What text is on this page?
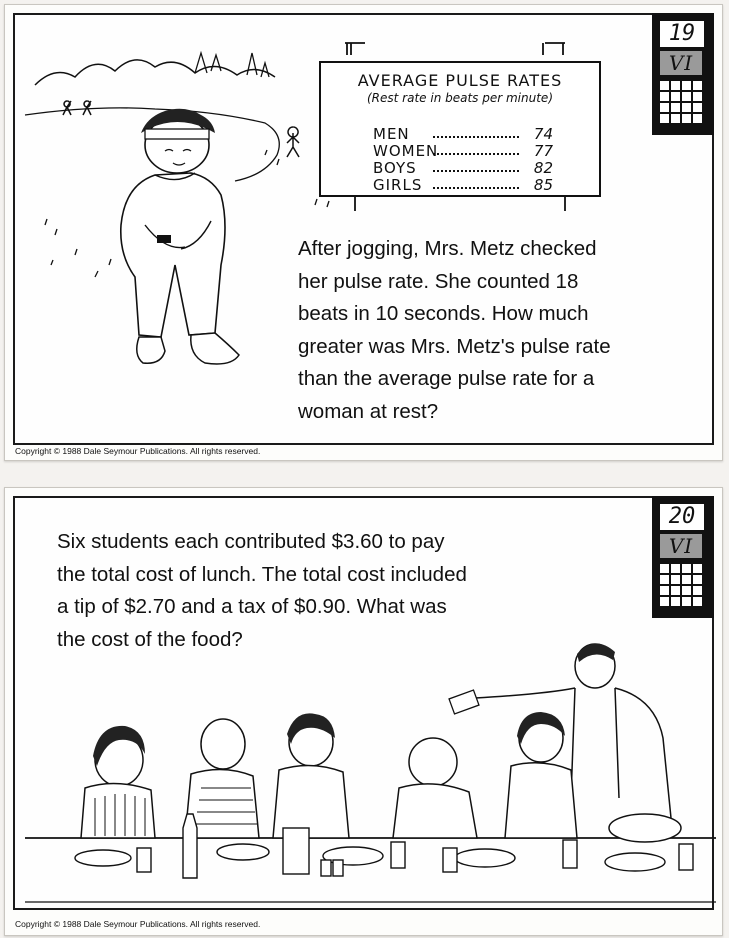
AVERAGE PULSE RATES
(Rest rate in beats per minute)
MEN	74
WOMEN	77
BOYS	82
GIRLS	85
After jogging, Mrs. Metz checked
her pulse rate. She counted 18
beats in 10 seconds. How much
greater was Mrs. Metz's pulse rate
than the average pulse rate for a
woman at rest?
19
VI
Copyright © 1988 Dale Seymour Publications. All rights reserved.
Six students each contributed $3.60 to pay
the total cost of lunch. The total cost included
a tip of $2.70 and a tax of $0.90. What was
the cost of the food?
20
VI
Copyright © 1988 Dale Seymour Publications. All rights reserved.
